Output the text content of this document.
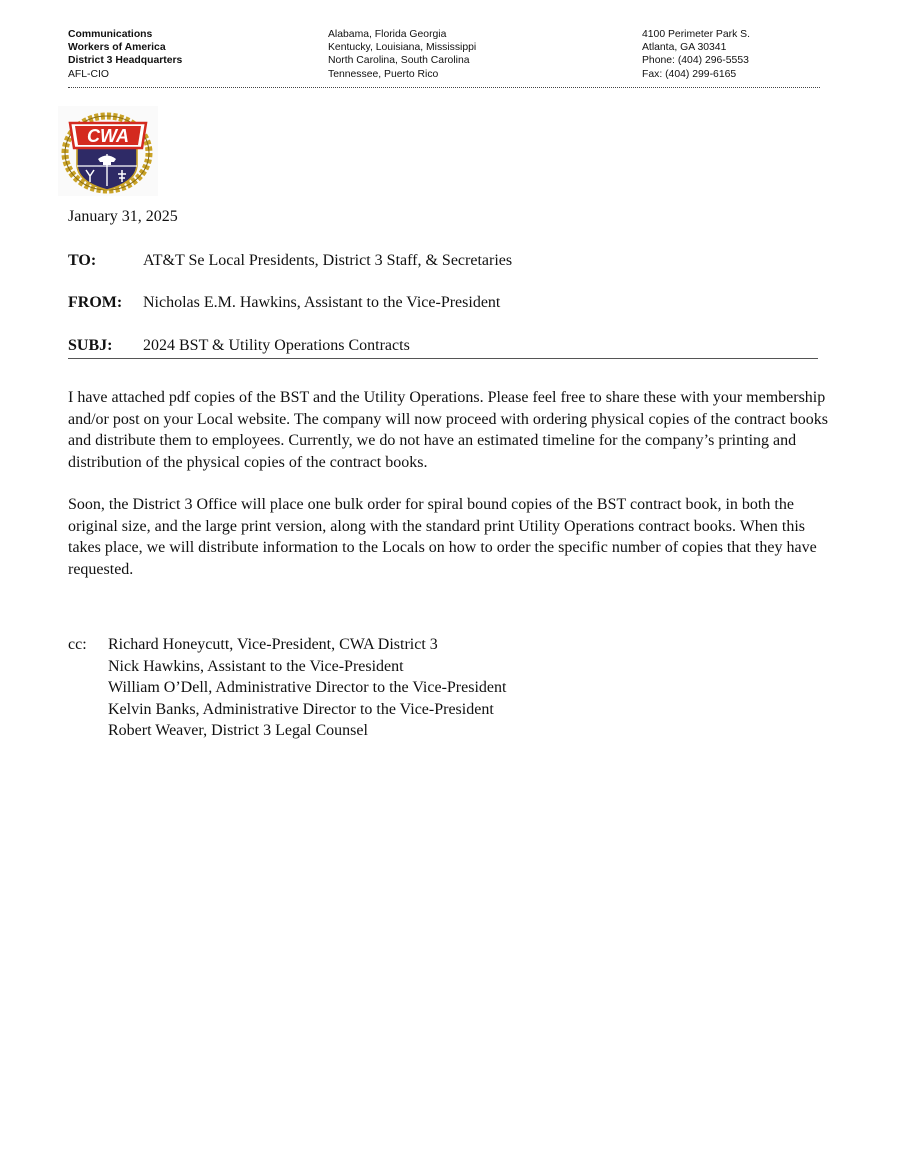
Communications
Workers of America
District 3 Headquarters
AFL-CIO
Alabama, Florida Georgia
Kentucky, Louisiana, Mississippi
North Carolina, South Carolina
Tennessee, Puerto Rico
4100 Perimeter Park S.
Atlanta, GA 30341
Phone: (404) 296-5553
Fax: (404) 299-6165
CWA
January 31, 2025
TO:	AT&T Se Local Presidents, District 3 Staff, & Secretaries
FROM: Nicholas E.M. Hawkins, Assistant to the Vice-President
SUBJ: 2024 BST & Utility Operations Contracts
I have attached pdf copies of the BST and the Utility Operations. Please feel free to share these with your membership and/or post on your Local website. The company will now proceed with ordering physical copies of the contract books and distribute them to employees. Currently, we do not have an estimated timeline for the company’s printing and distribution of the physical copies of the contract books.
Soon, the District 3 Office will place one bulk order for spiral bound copies of the BST contract book, in both the original size, and the large print version, along with the standard print Utility Operations contract books. When this takes place, we will distribute information to the Locals on how to order the specific number of copies that they have requested.
cc: Richard Honeycutt, Vice-President, CWA District 3
Nick Hawkins, Assistant to the Vice-President
William O’Dell, Administrative Director to the Vice-President
Kelvin Banks, Administrative Director to the Vice-President
Robert Weaver, District 3 Legal Counsel
